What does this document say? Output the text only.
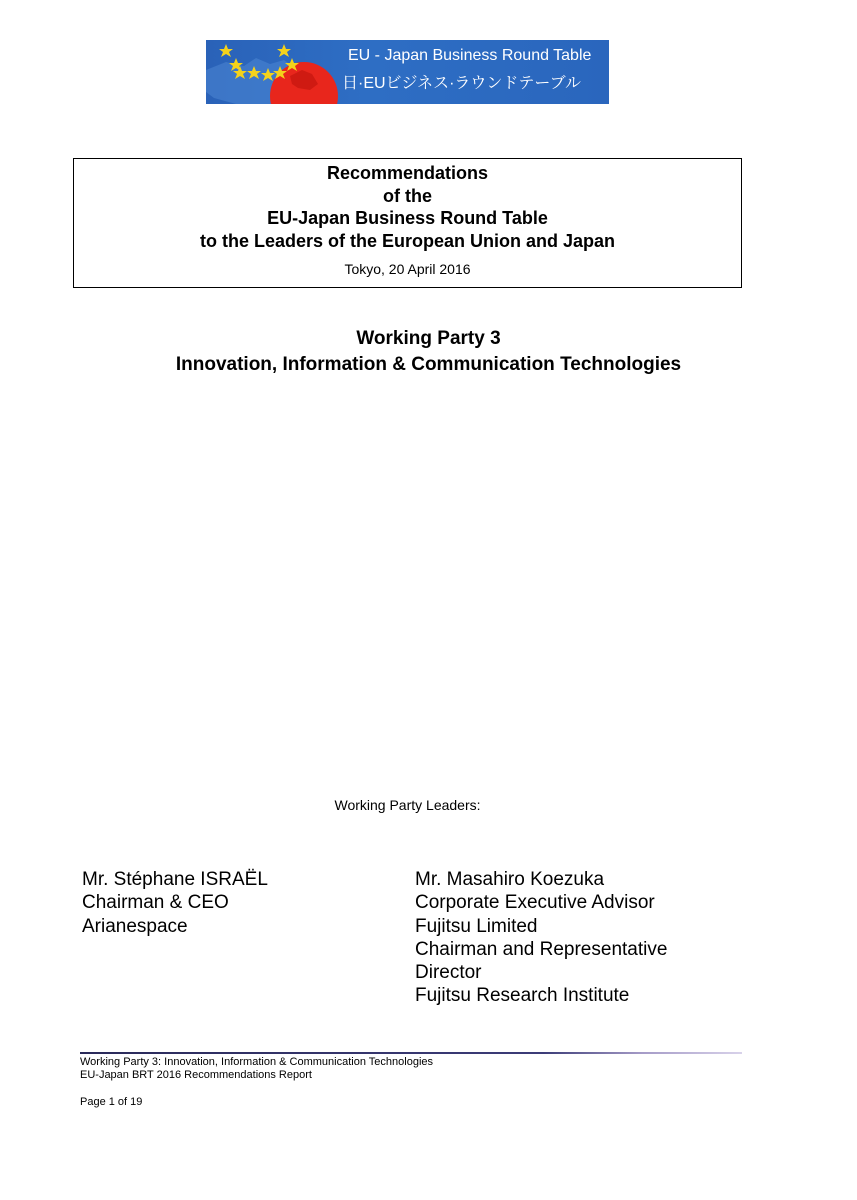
EU - Japan Business Round Table
日·EUビジネス·ラウンドテーブル
Recommendations
of the
EU-Japan Business Round Table
to the Leaders of the European Union and Japan
Tokyo, 20 April 2016
Working Party 3
Innovation, Information & Communication Technologies
Working Party Leaders:
Mr. Stéphane ISRAËL
Chairman & CEO
Arianespace
Mr. Masahiro Koezuka
Corporate Executive Advisor
Fujitsu Limited
Chairman and Representative
Director
Fujitsu Research Institute
Working Party 3: Innovation, Information & Communication Technologies
EU-Japan BRT 2016 Recommendations Report
Page 1 of 19
